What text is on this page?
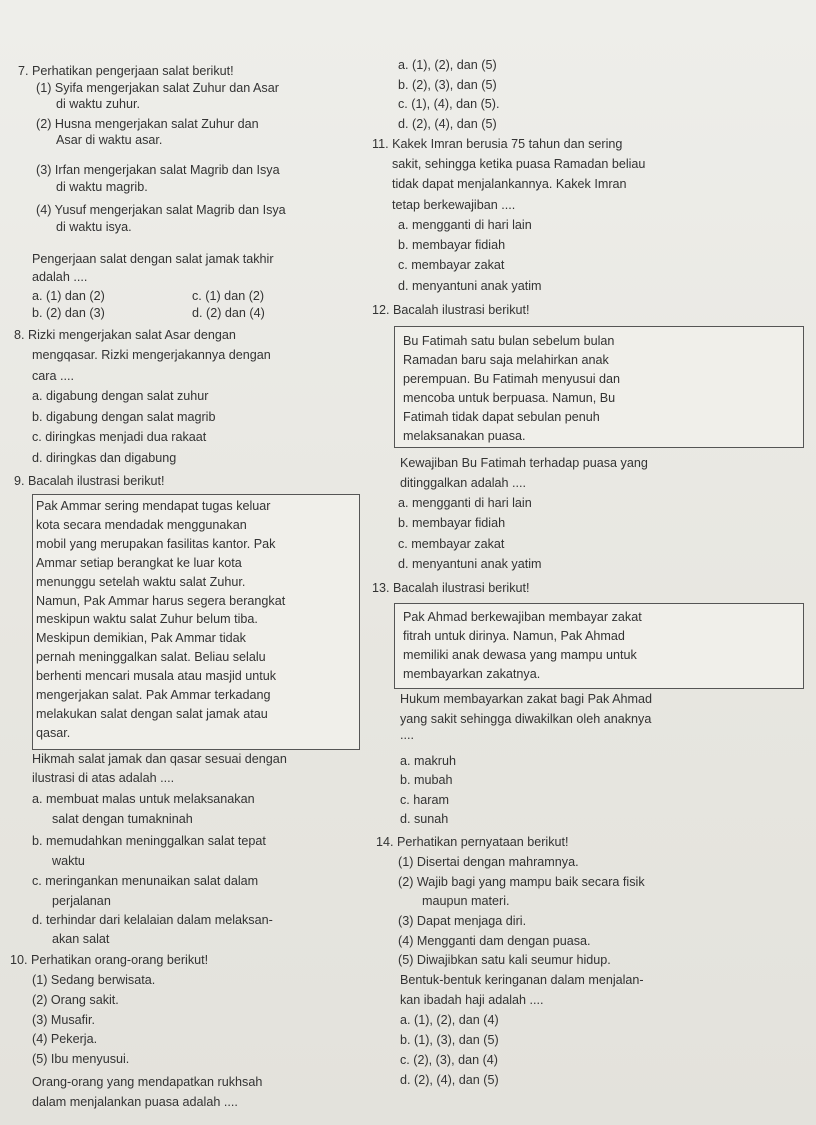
7. Perhatikan pengerjaan salat berikut!
(1) Syifa mengerjakan salat Zuhur dan Asar
di waktu zuhur.
(2) Husna mengerjakan salat Zuhur dan
Asar di waktu asar.
(3) Irfan mengerjakan salat Magrib dan Isya
di waktu magrib.
(4) Yusuf mengerjakan salat Magrib dan Isya
di waktu isya.
Pengerjaan salat dengan salat jamak takhir
adalah ....
a. (1) dan (2)	c. (1) dan (2)
b. (2) dan (3)	d. (2) dan (4)
8. Rizki mengerjakan salat Asar dengan
mengqasar. Rizki mengerjakannya dengan
cara ....
a. digabung dengan salat zuhur
b. digabung dengan salat magrib
c. diringkas menjadi dua rakaat
d. diringkas dan digabung
9. Bacalah ilustrasi berikut!
Pak Ammar sering mendapat tugas keluar
kota secara mendadak menggunakan
mobil yang merupakan fasilitas kantor. Pak
Ammar setiap berangkat ke luar kota
menunggu setelah waktu salat Zuhur.
Namun, Pak Ammar harus segera berangkat
meskipun waktu salat Zuhur belum tiba.
Meskipun demikian, Pak Ammar tidak
pernah meninggalkan salat. Beliau selalu
berhenti mencari musala atau masjid untuk
mengerjakan salat. Pak Ammar terkadang
melakukan salat dengan salat jamak atau
qasar.
Hikmah salat jamak dan qasar sesuai dengan
ilustrasi di atas adalah ....
a. membuat malas untuk melaksanakan
salat dengan tumakninah
b. memudahkan meninggalkan salat tepat
waktu
c. meringankan menunaikan salat dalam
perjalanan
d. terhindar dari kelalaian dalam melaksan-
akan salat
10. Perhatikan orang-orang berikut!
(1) Sedang berwisata.
(2) Orang sakit.
(3) Musafir.
(4) Pekerja.
(5) Ibu menyusui.
Orang-orang yang mendapatkan rukhsah
dalam menjalankan puasa adalah ....
a. (1), (2), dan (5)
b. (2), (3), dan (5)
c. (1), (4), dan (5).
d. (2), (4), dan (5)
11. Kakek Imran berusia 75 tahun dan sering
sakit, sehingga ketika puasa Ramadan beliau
tidak dapat menjalankannya. Kakek Imran
tetap berkewajiban ....
a. mengganti di hari lain
b. membayar fidiah
c. membayar zakat
d. menyantuni anak yatim
12. Bacalah ilustrasi berikut!
Bu Fatimah satu bulan sebelum bulan
Ramadan baru saja melahirkan anak
perempuan. Bu Fatimah menyusui dan
mencoba untuk berpuasa. Namun, Bu
Fatimah tidak dapat sebulan penuh
melaksanakan puasa.
Kewajiban Bu Fatimah terhadap puasa yang
ditinggalkan adalah ....
a. mengganti di hari lain
b. membayar fidiah
c. membayar zakat
d. menyantuni anak yatim
13. Bacalah ilustrasi berikut!
Pak Ahmad berkewajiban membayar zakat
fitrah untuk dirinya. Namun, Pak Ahmad
memiliki anak dewasa yang mampu untuk
membayarkan zakatnya.
Hukum membayarkan zakat bagi Pak Ahmad
yang sakit sehingga diwakilkan oleh anaknya
....
a. makruh
b. mubah
c. haram
d. sunah
14. Perhatikan pernyataan berikut!
(1) Disertai dengan mahramnya.
(2) Wajib bagi yang mampu baik secara fisik
maupun materi.
(3) Dapat menjaga diri.
(4) Mengganti dam dengan puasa.
(5) Diwajibkan satu kali seumur hidup.
Bentuk-bentuk keringanan dalam menjalan-
kan ibadah haji adalah ....
a. (1), (2), dan (4)
b. (1), (3), dan (5)
c. (2), (3), dan (4)
d. (2), (4), dan (5)
